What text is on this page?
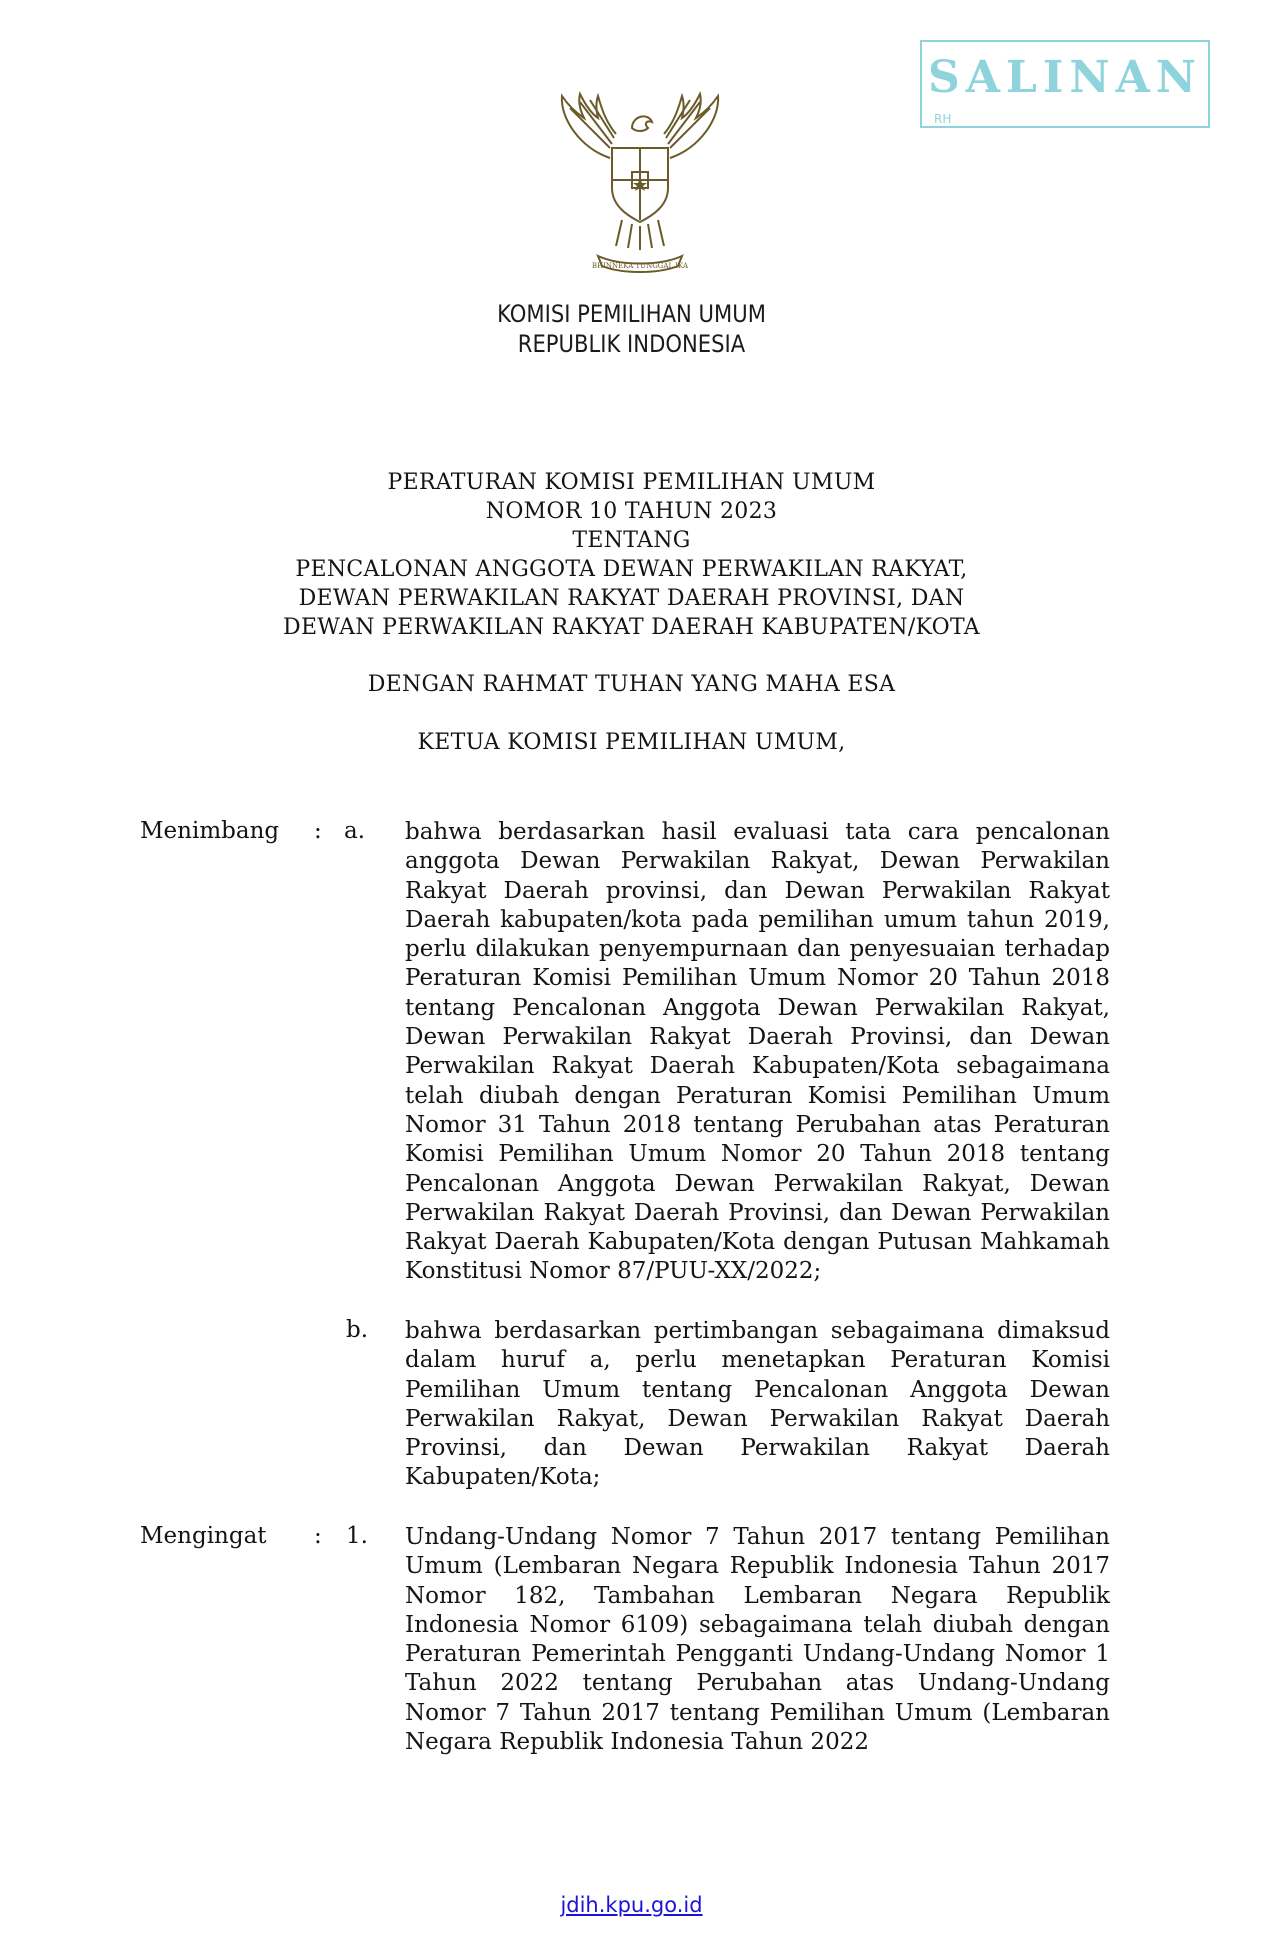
SALINAN
RH
BHINNEKA TUNGGAL IKA
KOMISI PEMILIHAN UMUM
REPUBLIK INDONESIA
PERATURAN KOMISI PEMILIHAN UMUM
NOMOR 10 TAHUN 2023
TENTANG
PENCALONAN ANGGOTA DEWAN PERWAKILAN RAKYAT,
DEWAN PERWAKILAN RAKYAT DAERAH PROVINSI, DAN
DEWAN PERWAKILAN RAKYAT DAERAH KABUPATEN/KOTA
DENGAN RAHMAT TUHAN YANG MAHA ESA
KETUA KOMISI PEMILIHAN UMUM,
Menimbang : a. bahwa berdasarkan hasil evaluasi tata cara pencalonan anggota Dewan Perwakilan Rakyat, Dewan Perwakilan Rakyat Daerah provinsi, dan Dewan Perwakilan Rakyat Daerah kabupaten/kota pada pemilihan umum tahun 2019, perlu dilakukan penyempurnaan dan penyesuaian terhadap Peraturan Komisi Pemilihan Umum Nomor 20 Tahun 2018 tentang Pencalonan Anggota Dewan Perwakilan Rakyat, Dewan Perwakilan Rakyat Daerah Provinsi, dan Dewan Perwakilan Rakyat Daerah Kabupaten/Kota sebagaimana telah diubah dengan Peraturan Komisi Pemilihan Umum Nomor 31 Tahun 2018 tentang Perubahan atas Peraturan Komisi Pemilihan Umum Nomor 20 Tahun 2018 tentang Pencalonan Anggota Dewan Perwakilan Rakyat, Dewan Perwakilan Rakyat Daerah Provinsi, dan Dewan Perwakilan Rakyat Daerah Kabupaten/Kota dengan Putusan Mahkamah Konstitusi Nomor 87/PUU-XX/2022;

b. bahwa berdasarkan pertimbangan sebagaimana dimaksud dalam huruf a, perlu menetapkan Peraturan Komisi Pemilihan Umum tentang Pencalonan Anggota Dewan Perwakilan Rakyat, Dewan Perwakilan Rakyat Daerah Provinsi, dan Dewan Perwakilan Rakyat Daerah Kabupaten/Kota;

Mengingat : 1. Undang-Undang Nomor 7 Tahun 2017 tentang Pemilihan Umum (Lembaran Negara Republik Indonesia Tahun 2017 Nomor 182, Tambahan Lembaran Negara Republik Indonesia Nomor 6109) sebagaimana telah diubah dengan Peraturan Pemerintah Pengganti Undang-Undang Nomor 1 Tahun 2022 tentang Perubahan atas Undang-Undang Nomor 7 Tahun 2017 tentang Pemilihan Umum (Lembaran Negara Republik Indonesia Tahun 2022

jdih.kpu.go.id
